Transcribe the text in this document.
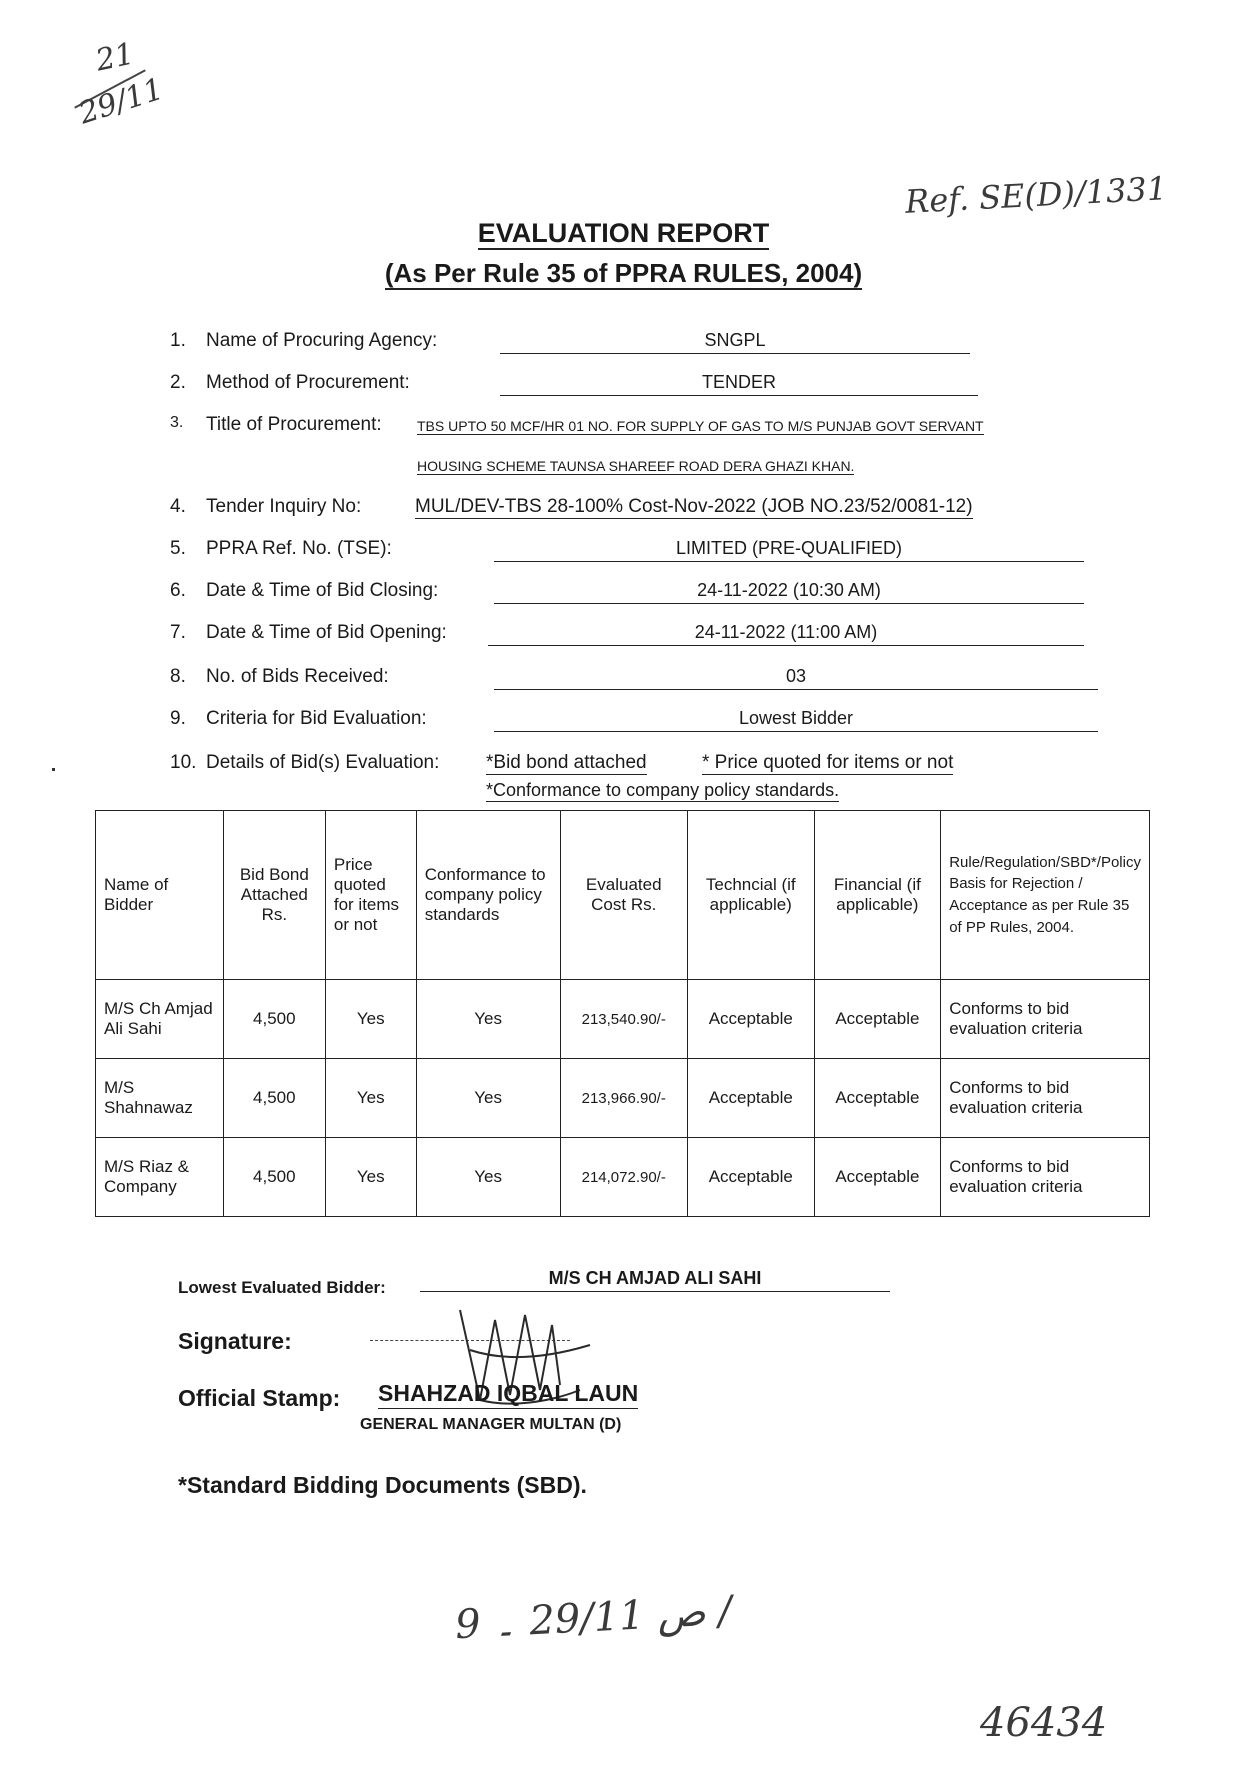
21
29/11
Ref. SE(D)/1331
EVALUATION REPORT
(As Per Rule 35 of PPRA RULES, 2004)
1. Name of Procuring Agency:	SNGPL
2. Method of Procurement:	TENDER
3. Title of Procurement:	TBS UPTO 50 MCF/HR 01 NO. FOR SUPPLY OF GAS TO M/S PUNJAB GOVT SERVANT
HOUSING SCHEME TAUNSA SHAREEF ROAD DERA GHAZI KHAN.
4. Tender Inquiry No:	MUL/DEV-TBS 28-100% Cost-Nov-2022 (JOB NO.23/52/0081-12)
5. PPRA Ref. No. (TSE):	LIMITED (PRE-QUALIFIED)
6. Date & Time of Bid Closing:	24-11-2022 (10:30 AM)
7. Date & Time of Bid Opening:	24-11-2022 (11:00 AM)
8. No. of Bids Received:	03
9. Criteria for Bid Evaluation:	Lowest Bidder
10. Details of Bid(s) Evaluation: *Bid bond attached	* Price quoted for items or not
*Conformance to company policy standards.
Name of Bidder	Bid Bond Attached Rs.	Price quoted for items or not	Conformance to company policy standards	Evaluated Cost Rs.	Techncial (if applicable)	Financial (if applicable)	Rule/Regulation/SBD*/Policy Basis for Rejection / Acceptance as per Rule 35 of PP Rules, 2004.
M/S Ch Amjad Ali Sahi	4,500	Yes	Yes	213,540.90/-	Acceptable	Acceptable	Conforms to bid evaluation criteria
M/S Shahnawaz	4,500	Yes	Yes	213,966.90/-	Acceptable	Acceptable	Conforms to bid evaluation criteria
M/S Riaz & Company	4,500	Yes	Yes	214,072.90/-	Acceptable	Acceptable	Conforms to bid evaluation criteria
Lowest Evaluated Bidder:	M/S CH AMJAD ALI SAHI
Signature:
Official Stamp: SHAHZAD IQBAL LAUN
GENERAL MANAGER MULTAN (D)
*Standard Bidding Documents (SBD).
9 ص 29/11 ۔ /
46434
